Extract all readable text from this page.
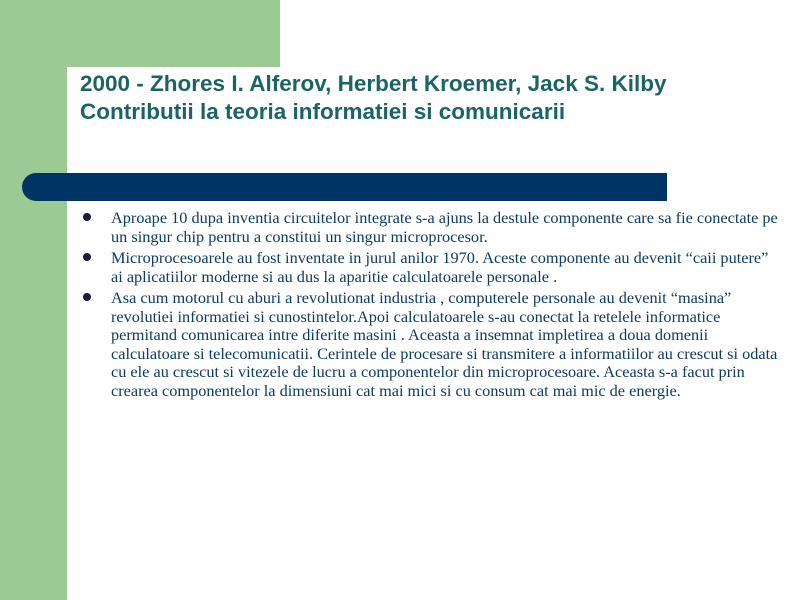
2000 - Zhores I. Alferov, Herbert Kroemer, Jack S. Kilby
Contributii la teoria informatiei si comunicarii
Aproape 10 dupa inventia circuitelor integrate s-a ajuns la destule componente care sa fie conectate pe un singur chip pentru a constitui un singur microprocesor.
Microprocesoarele au fost inventate in jurul anilor 1970. Aceste componente au devenit “caii putere” ai aplicatiilor moderne si au dus la aparitie calculatoarele personale .
Asa cum motorul cu aburi a revolutionat industria , computerele personale au devenit “masina” revolutiei informatiei si cunostintelor.Apoi calculatoarele s-au conectat la retelele informatice permitand comunicarea intre diferite masini . Aceasta a insemnat impletirea a doua domenii calculatoare si telecomunicatii. Cerintele de procesare si transmitere a informatiilor au crescut si odata cu ele au crescut si vitezele de lucru a componentelor din microprocesoare. Aceasta s-a facut prin crearea componentelor la dimensiuni cat mai mici si cu consum cat mai mic de energie.
